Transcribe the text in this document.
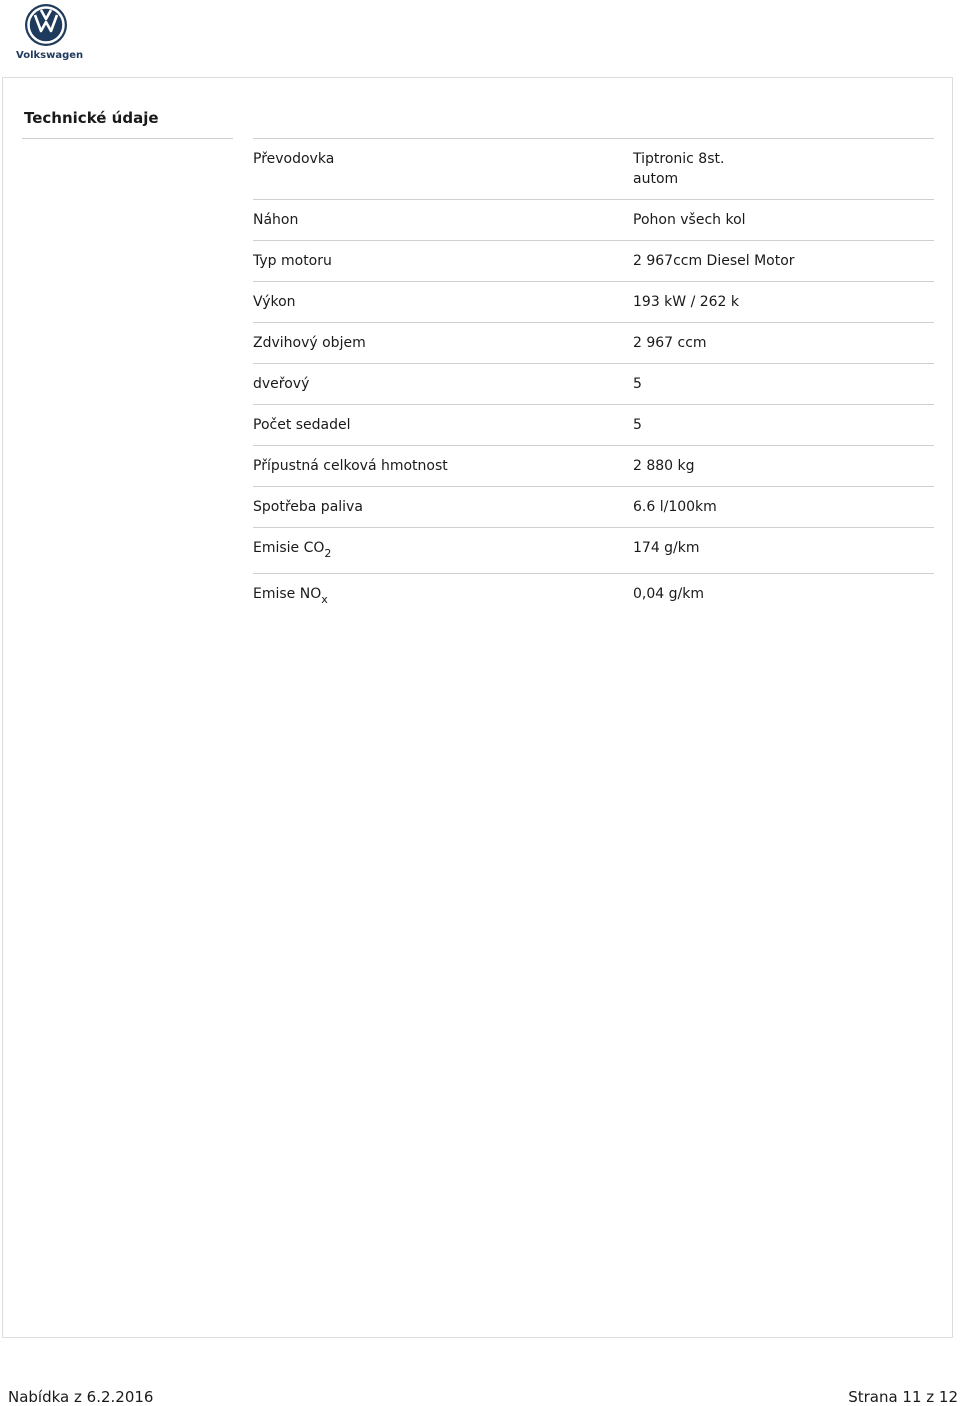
Volkswagen
Technické údaje
Převodovka	Tiptronic 8st.
autom
Náhon	Pohon všech kol
Typ motoru	2 967ccm Diesel Motor
Výkon	193 kW / 262 k
Zdvihový objem	2 967 ccm
dveřový	5
Počet sedadel	5
Přípustná celková hmotnost	2 880 kg
Spotřeba paliva	6.6 l/100km
Emisie $CO_2$	174 g/km
Emise $NO_x$	0,04 g/km
Nabídka z 6.2.2016	Strana 11 z 12
